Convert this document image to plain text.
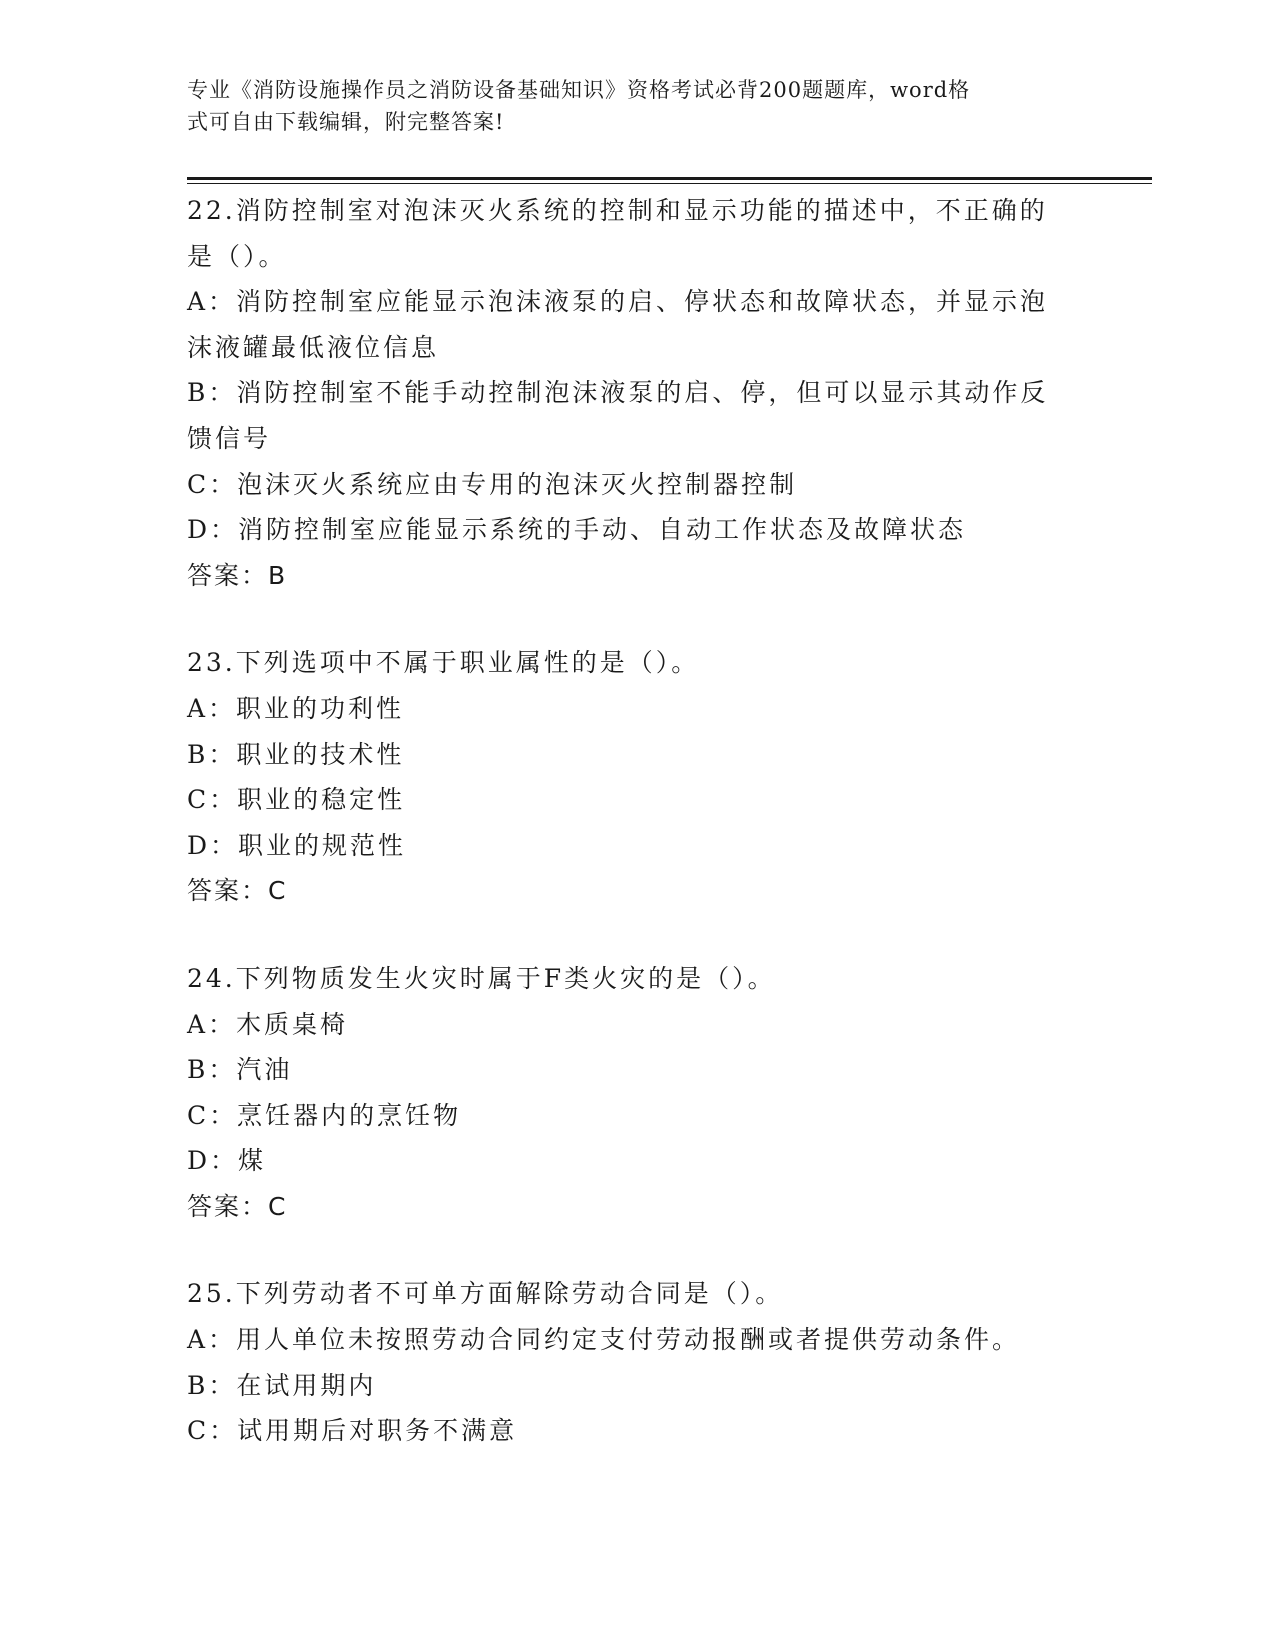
专业《消防设施操作员之消防设备基础知识》资格考试必背200题题库，word格
式可自由下载编辑，附完整答案!

22.消防控制室对泡沫灭火系统的控制和显示功能的描述中，不正确的

是（）。

A：消防控制室应能显示泡沫液泵的启、停状态和故障状态，并显示泡

沫液罐最低液位信息

B：消防控制室不能手动控制泡沫液泵的启、停，但可以显示其动作反

馈信号

C：泡沫灭火系统应由专用的泡沫灭火控制器控制

D：消防控制室应能显示系统的手动、自动工作状态及故障状态

答案：B

23.下列选项中不属于职业属性的是（）。

A：职业的功利性

B：职业的技术性

C：职业的稳定性

D：职业的规范性

答案：C

24.下列物质发生火灾时属于F类火灾的是（）。

A：木质桌椅

B：汽油

C：烹饪器内的烹饪物

D：煤

答案：C

25.下列劳动者不可单方面解除劳动合同是（）。

A：用人单位未按照劳动合同约定支付劳动报酬或者提供劳动条件。

B：在试用期内

C：试用期后对职务不满意
